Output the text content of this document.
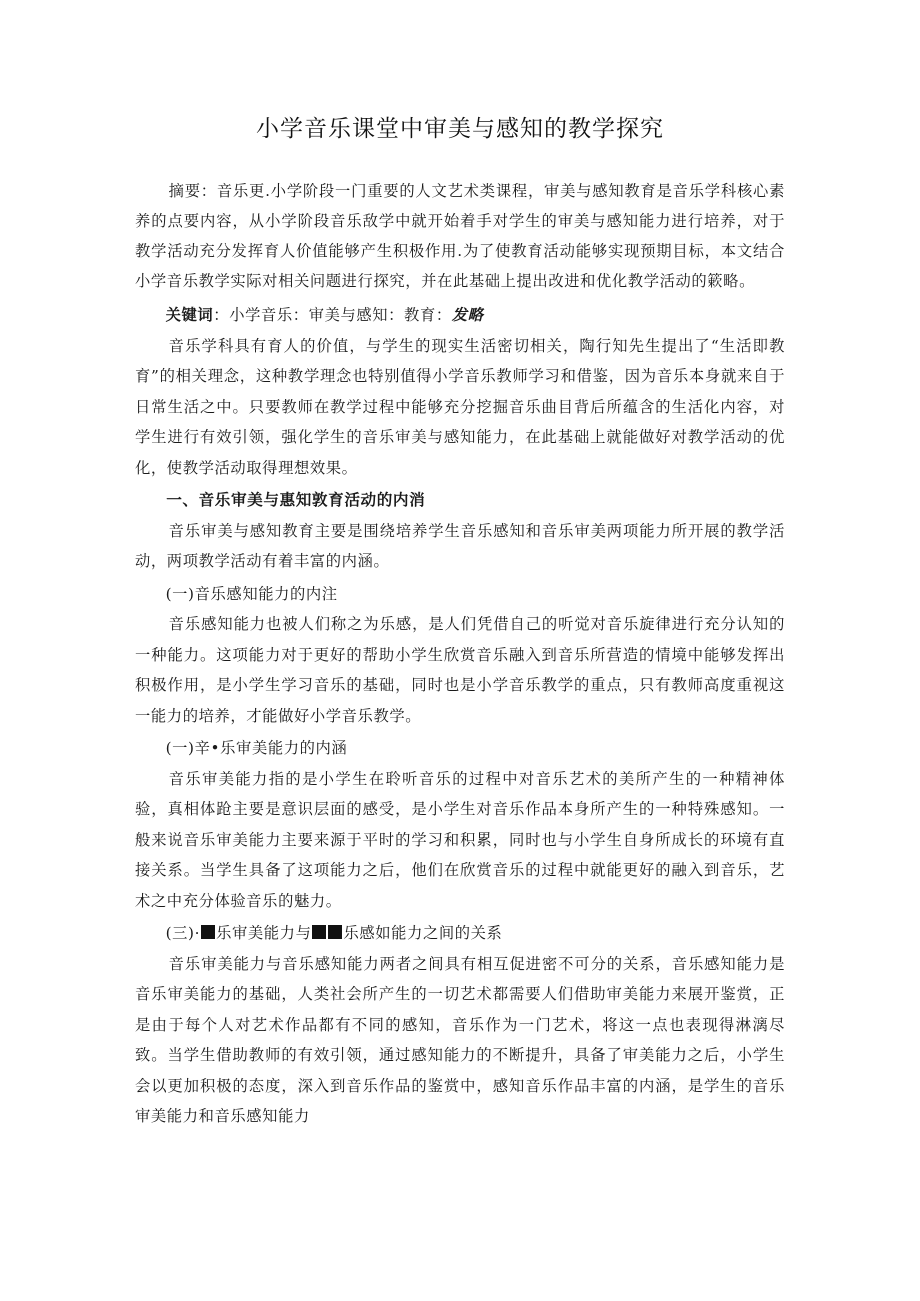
小学音乐课堂中审美与感知的教学探究

摘要：音乐更.小学阶段一门重要的人文艺术类课程，审美与感知教育是音乐学科核心素养的点要内容，从小学阶段音乐敌学中就开始着手对学生的审美与感知能力进行培养，对于教学活动充分发挥育人价值能够产生积极作用.为了使教育活动能够实现预期目标，本文结合小学音乐教学实际对相关问题进行探究，并在此基础上提出改进和优化教学活动的簌略。

关键词：小学音乐：审美与感知：教育：发略

音乐学科具有育人的价值，与学生的现实生活密切相关，陶行知先生提出了“生活即教育”的相关理念，这种教学理念也特别值得小学音乐教师学习和借鉴，因为音乐本身就来自于日常生活之中。只要教师在教学过程中能够充分挖掘音乐曲目背后所蕴含的生活化内容，对学生进行有效引领，强化学生的音乐审美与感知能力，在此基础上就能做好对教学活动的优化，使教学活动取得理想效果。

一、音乐审美与惠知敦育活动的内消

音乐审美与感知教育主要是围绕培养学生音乐感知和音乐审美两项能力所开展的教学活动，两项教学活动有着丰富的内涵。

(一)音乐感知能力的内注

音乐感知能力也被人们称之为乐感，是人们凭借自己的听觉对音乐旋律进行充分认知的一种能力。这项能力对于更好的帮助小学生欣赏音乐融入到音乐所营造的情境中能够发挥出积极作用，是小学生学习音乐的基础，同时也是小学音乐教学的重点，只有教师高度重视这一能力的培养，才能做好小学音乐教学。

(一)辛•乐审美能力的内涵

音乐审美能力指的是小学生在聆听音乐的过程中对音乐艺术的美所产生的一种精神体验，真相体跄主要是意识层面的感受，是小学生对音乐作品本身所产生的一种特殊感知。一般来说音乐审美能力主要来源于平时的学习和积累，同时也与小学生自身所成长的环境有直接关系。当学生具备了这项能力之后，他们在欣赏音乐的过程中就能更好的融入到音乐，艺术之中充分体验音乐的魅力。

(三)· 乐审美能力与 乐感如能力之间的关系

音乐审美能力与音乐感知能力两者之间具有相互促进密不可分的关系，音乐感知能力是音乐审美能力的基础，人类社会所产生的一切艺术都需要人们借助审美能力来展开鉴赏，正是由于每个人对艺术作品都有不同的感知，音乐作为一门艺术，将这一点也表现得淋漓尽致。当学生借助教师的有效引领，通过感知能力的不断提升，具备了审美能力之后，小学生会以更加积极的态度，深入到音乐作品的鉴赏中，感知音乐作品丰富的内涵，是学生的音乐审美能力和音乐感知能力
